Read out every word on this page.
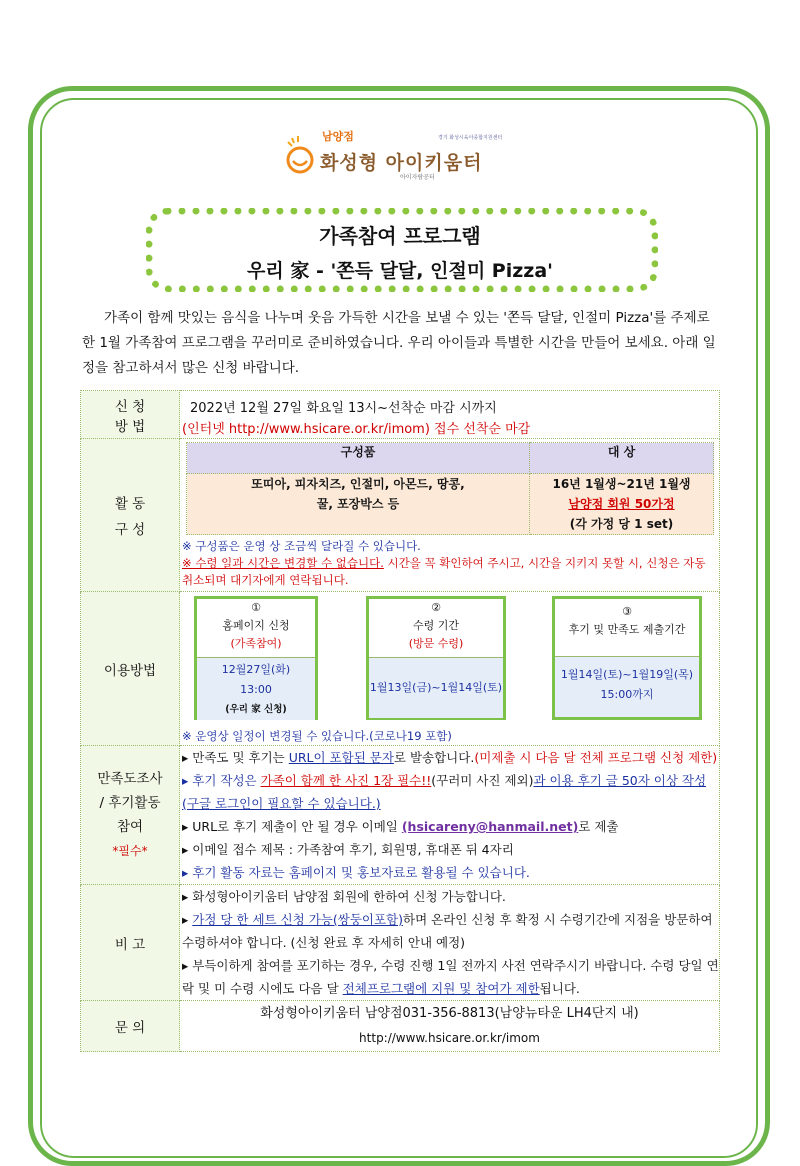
남양점	경기 화성시육아종합지원센터
화성형 아이키움터
아이자람공터
가족참여 프로그램
우리 家 - '쫀득 달달, 인절미 Pizza'

가족이 함께 맛있는 음식을 나누며 웃음 가득한 시간을 보낼 수 있는 '쫀득 달달, 인절미 Pizza'를 주제로 한 1월 가족참여 프로그램을 꾸러미로 준비하였습니다. 우리 아이들과 특별한 시간을 만들어 보세요. 아래 일정을 참고하셔서 많은 신청 바랍니다.

신 청
방 법

2022년 12월 27일 화요일 13시~선착순 마감 시까지
(인터넷 http://www.hsicare.or.kr/imom) 접수 선착순 마감

활 동
구 성

구성품	대 상

또띠아, 피자치즈, 인절미, 아몬드, 땅콩,
꿀, 포장박스 등

16년 1월생~21년 1월생
남양점 회원 50가정
(각 가정 당 1 set)
※ 구성품은 운영 상 조금씩 달라질 수 있습니다.
※ 수령 일과 시간은 변경할 수 없습니다. 시간을 꼭 확인하여 주시고, 시간을 지키지 못할 시, 신청은 자동 취소되며 대기자에게 연락됩니다.

이용방법	
①
홈페이지 신청
(가족참여)
12월27일(화)
13:00
(우리 家 신청)
②
수령 기간
(방문 수령)
1월13일(금)~1월14일(토)
③
후기 및 만족도 제출기간
1월14일(토)~1월19일(목)
15:00까지
※ 운영상 일정이 변경될 수 있습니다.(코로나19 포함)

만족도조사
/ 후기활동
참여
*필수*

▸ 만족도 및 후기는 URL이 포함된 문자로 발송합니다.(미제출 시 다음 달 전체 프로그램 신청 제한)
▸ 후기 작성은 가족이 함께 한 사진 1장 필수!!(꾸러미 사진 제외)과 이용 후기 글 50자 이상 작성 (구글 로그인이 필요할 수 있습니다.)
▸ URL로 후기 제출이 안 될 경우 이메일 (hsicareny@hanmail.net)로 제출
▸ 이메일 접수 제목 : 가족참여 후기, 회원명, 휴대폰 뒤 4자리
▸ 후기 활동 자료는 홈페이지 및 홍보자료로 활용될 수 있습니다.

비 고	
▸ 화성형아이키움터 남양점 회원에 한하여 신청 가능합니다.
▸ 가정 당 한 세트 신청 가능(쌍둥이포함)하며 온라인 신청 후 확정 시 수령기간에 지점을 방문하여 수령하셔야 합니다. (신청 완료 후 자세히 안내 예정)
▸ 부득이하게 참여를 포기하는 경우, 수령 진행 1일 전까지 사전 연락주시기 바랍니다. 수령 당일 연락 및 미 수령 시에도 다음 달 전체프로그램에 지원 및 참여가 제한됩니다.

문 의	
화성형아이키움터 남양점031-356-8813(남양뉴타운 LH4단지 내)
http://www.hsicare.or.kr/imom
